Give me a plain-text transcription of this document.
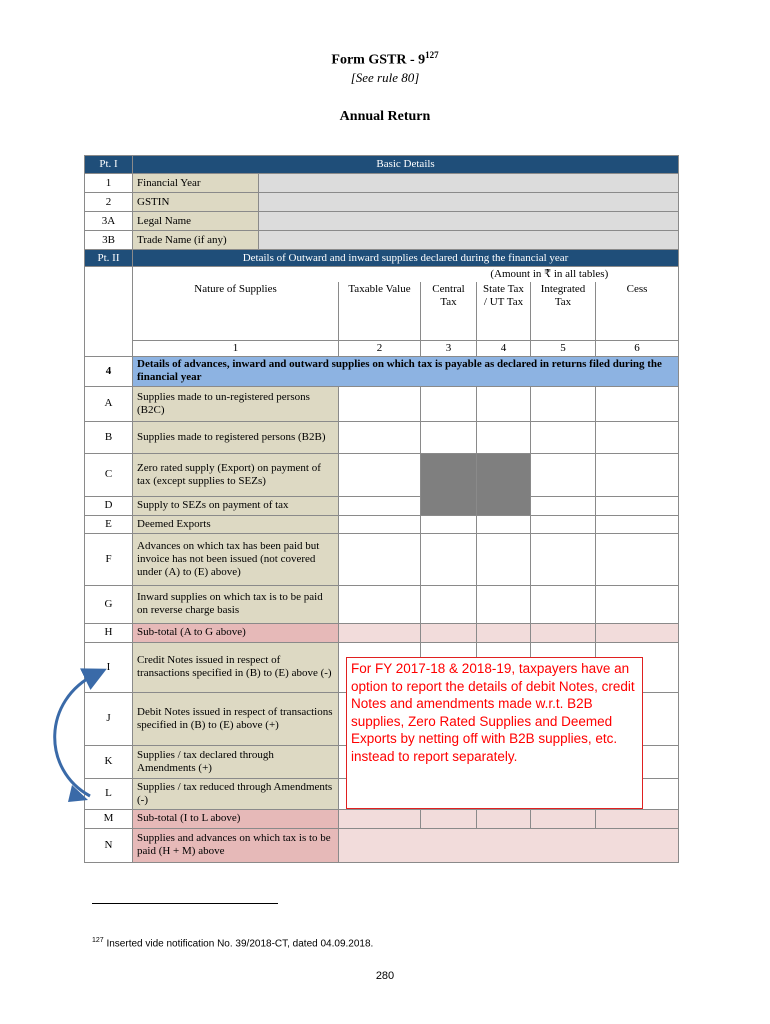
Form GSTR - $9^{127}$
[See rule 80]
Annual Return
Pt. I	Basic Details						
1	Financial Year						
2	GSTIN						
3A	Legal Name						
3B	Trade Name (if any)						
Pt. II	Details of Outward and inward supplies declared during the financial year						
				(Amount in ₹ in all tables)			
	Nature of Supplies		Taxable Value	Central Tax	State Tax / UT Tax	Integrated Tax	Cess
	1		2	3	4	5	6
4	Details of advances, inward and outward supplies on which tax is payable as declared in returns filed during the financial year						
A	Supplies made to un-registered persons (B2C)						
B	Supplies made to registered persons (B2B)						
C	Zero rated supply (Export) on payment of tax (except supplies to SEZs)						
D	Supply to SEZs on payment of tax						
E	Deemed Exports						
F	Advances on which tax has been paid but invoice has not been issued (not covered under (A) to (E) above)						
G	Inward supplies on which tax is to be paid on reverse charge basis						
H	Sub-total (A to G above)						
I	Credit Notes issued in respect of transactions specified in (B) to (E) above (-)						
J	Debit Notes issued in respect of transactions specified in (B) to (E) above (+)						
K	Supplies / tax declared through Amendments (+)						
L	Supplies / tax reduced through Amendments (-)						
M	Sub-total (I to L above)						
N	Supplies and advances on which tax is to be paid (H + M) above						
For FY 2017-18 & 2018-19, taxpayers have an option to report the details of debit Notes, credit Notes and amendments made w.r.t. B2B supplies, Zero Rated Supplies and Deemed Exports by netting off with B2B supplies, etc. instead to report separately.
$^{127}$ Inserted vide notification No. 39/2018-CT, dated 04.09.2018.
280
